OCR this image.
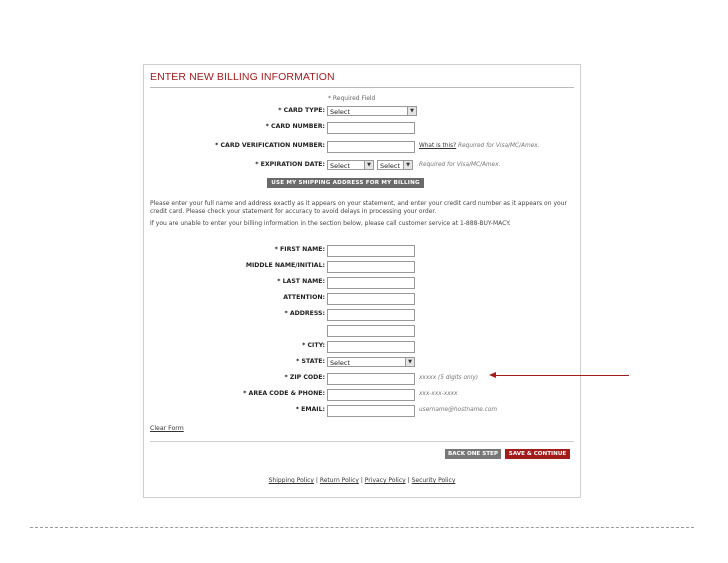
ENTER NEW BILLING INFORMATION
* Required Field
* CARD TYPE: Select	▼
* CARD NUMBER:
* CARD VERIFICATION NUMBER:	What is this? Required for Visa/MC/Amex.
* EXPIRATION DATE: Select	▼	Select	▼	Required for Visa/MC/Amex.
USE MY SHIPPING ADDRESS FOR MY BILLING ADDRESS
Please enter your full name and address exactly as it appears on your statement, and enter your credit card number as it appears on your credit card. Please check your statement for accuracy to avoid delays in processing your order.
If you are unable to enter your billing information in the section below, please call customer service at 1-888-BUY-MACY.
* FIRST NAME:
MIDDLE NAME/INITIAL:
* LAST NAME:
ATTENTION:
* ADDRESS:
* CITY:
* STATE: Select	▼
* ZIP CODE:	xxxxx (5 digits only)
* AREA CODE & PHONE:	xxx-xxx-xxxx
* EMAIL:	username@hostname.com
Clear Form
BACK ONE STEP	SAVE & CONTINUE
Shipping Policy | Return Policy | Privacy Policy | Security Policy
